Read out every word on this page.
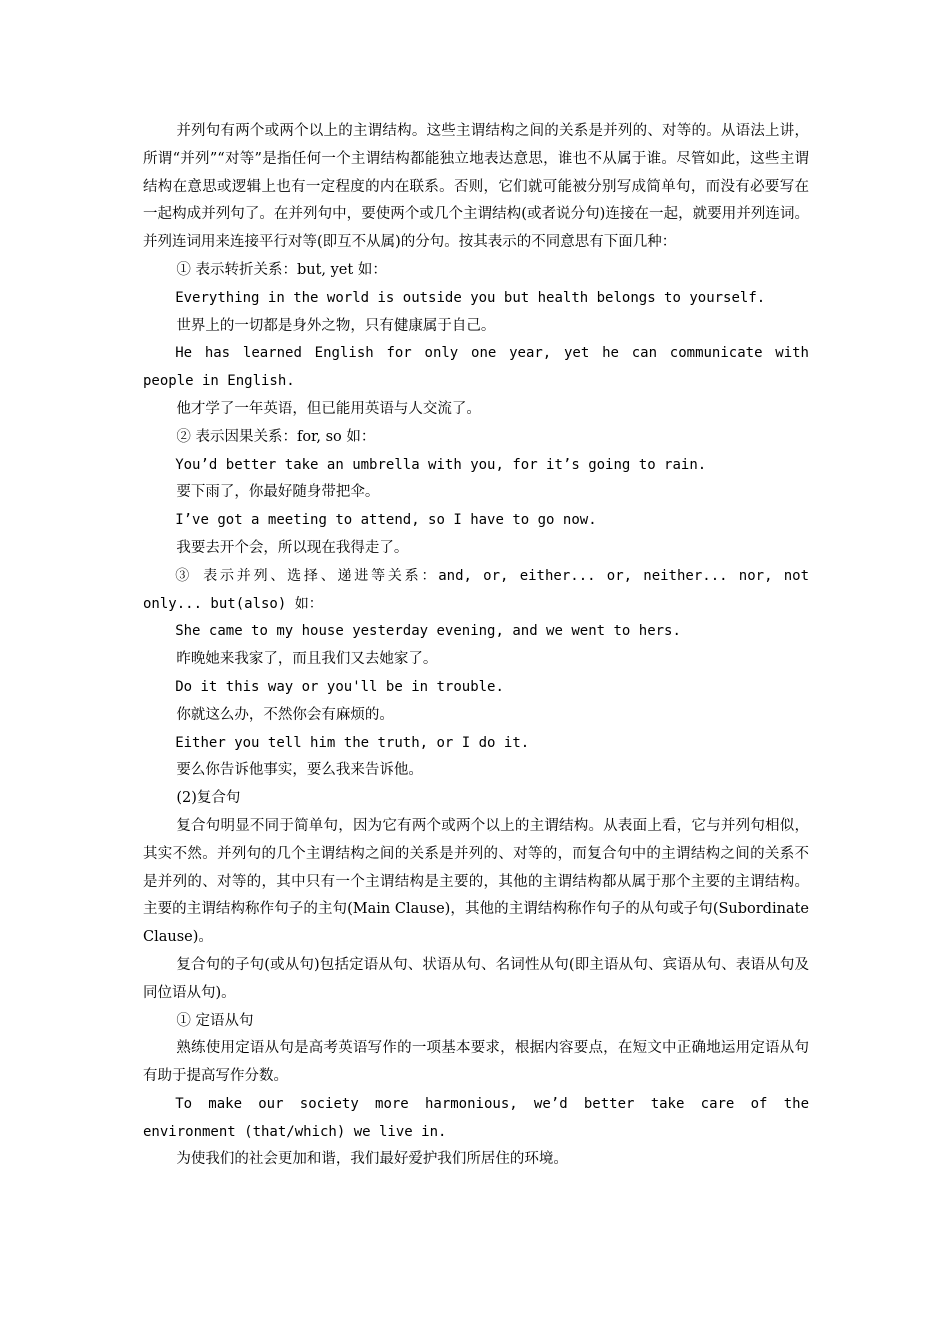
并列句有两个或两个以上的主谓结构。这些主谓结构之间的关系是并列的、对等的。从语法上讲，所谓“并列”“对等”是指任何一个主谓结构都能独立地表达意思，谁也不从属于谁。尽管如此，这些主谓结构在意思或逻辑上也有一定程度的内在联系。否则，它们就可能被分别写成简单句，而没有必要写在一起构成并列句了。在并列句中，要使两个或几个主谓结构(或者说分句)连接在一起，就要用并列连词。并列连词用来连接平行对等(即互不从属)的分句。按其表示的不同意思有下面几种：

① 表示转折关系：but, yet 如：

Everything in the world is outside you but health belongs to yourself.

世界上的一切都是身外之物，只有健康属于自己。

He has learned English for only one year, yet he can communicate with people in English.

他才学了一年英语，但已能用英语与人交流了。

② 表示因果关系：for, so 如：

You’d better take an umbrella with you, for it’s going to rain.

要下雨了，你最好随身带把伞。

I’ve got a meeting to attend, so I have to go now.

我要去开个会，所以现在我得走了。

③ 表示并列、选择、递进等关系：and, or, either... or, neither... nor, not only... but(also) 如：

She came to my house yesterday evening, and we went to hers.

昨晚她来我家了，而且我们又去她家了。

Do it this way or you'll be in trouble.

你就这么办，不然你会有麻烦的。

Either you tell him the truth, or I do it.

要么你告诉他事实，要么我来告诉他。

(2)复合句

复合句明显不同于简单句，因为它有两个或两个以上的主谓结构。从表面上看，它与并列句相似，其实不然。并列句的几个主谓结构之间的关系是并列的、对等的，而复合句中的主谓结构之间的关系不是并列的、对等的，其中只有一个主谓结构是主要的，其他的主谓结构都从属于那个主要的主谓结构。主要的主谓结构称作句子的主句(Main Clause)，其他的主谓结构称作句子的从句或子句(Subordinate Clause)。

复合句的子句(或从句)包括定语从句、状语从句、名词性从句(即主语从句、宾语从句、表语从句及同位语从句)。

① 定语从句

熟练使用定语从句是高考英语写作的一项基本要求，根据内容要点，在短文中正确地运用定语从句有助于提高写作分数。

To make our society more harmonious, we’d better take care of the environment (that/which) we live in.

为使我们的社会更加和谐，我们最好爱护我们所居住的环境。
